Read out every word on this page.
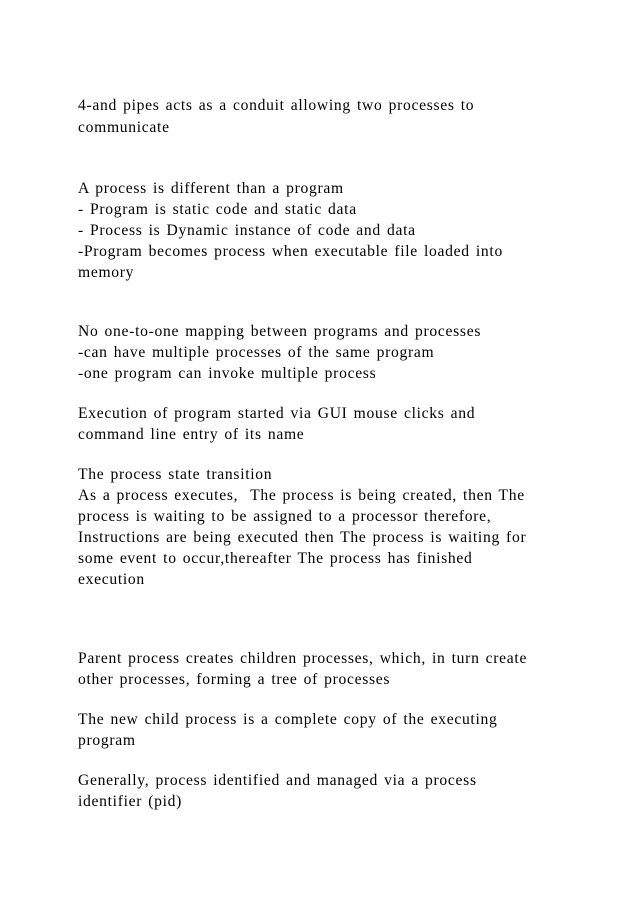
4-and pipes acts as a conduit allowing two processes to
communicate
A process is different than a program
- Program is static code and static data
- Process is Dynamic instance of code and data
-Program becomes process when executable file loaded into
memory
No one-to-one mapping between programs and processes
-can have multiple processes of the same program
-one program can invoke multiple process
Execution of program started via GUI mouse clicks and
command line entry of its name
The process state transition
As a process executes,  The process is being created, then The
process is waiting to be assigned to a processor therefore,
Instructions are being executed then The process is waiting for
some event to occur,thereafter The process has finished
execution
Parent process creates children processes, which, in turn create
other processes, forming a tree of processes
The new child process is a complete copy of the executing
program
Generally, process identified and managed via a process
identifier (pid)
